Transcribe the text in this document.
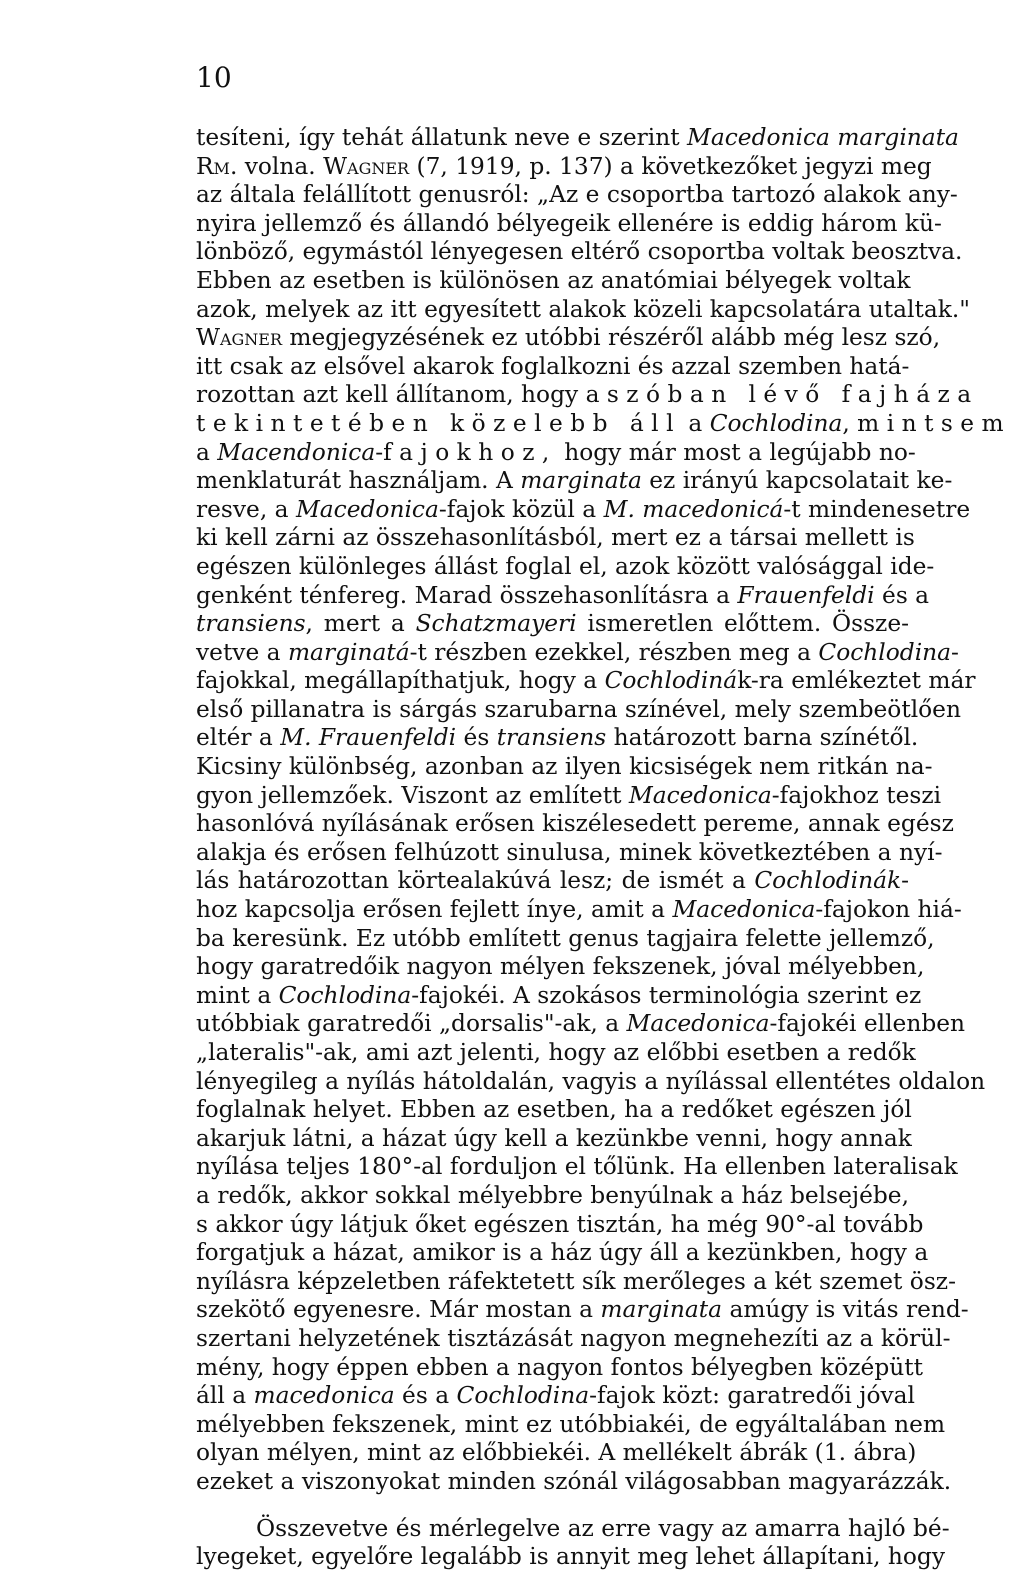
10
tesíteni, így tehát állatunk neve e szerint Macedonica marginata
Rm. volna. Wagner (7, 1919, p. 137) a következőket jegyzi meg
az általa felállított genusról: „Az e csoportba tartozó alakok any-
nyira jellemző és állandó bélyegeik ellenére is eddig három kü-
lönböző, egymástól lényegesen eltérő csoportba voltak beosztva.
Ebben az esetben is különösen az anatómiai bélyegek voltak
azok, melyek az itt egyesített alakok közeli kapcsolatára utaltak."
Wagner megjegyzésének ez utóbbi részéről alább még lesz szó,
itt csak az elsővel akarok foglalkozni és azzal szemben hatá-
rozottan azt kell állítanom, hogy a szóban lévő fajháza
tekintetében közelebb áll a Cochlodina, mintsem
a Macendonica-fajokhoz, hogy már most a legújabb no-
menklaturát használjam. A marginata ez irányú kapcsolatait ke-
resve, a Macedonica-fajok közül a M. macedonicá-t mindenesetre
ki kell zárni az összehasonlításból, mert ez a társai mellett is
egészen különleges állást foglal el, azok között valósággal ide-
genként ténfereg. Marad összehasonlításra a Frauenfeldi és a
transiens, mert a Schatzmayeri ismeretlen előttem. Össze-
vetve a marginatá-t részben ezekkel, részben meg a Cochlodina-
fajokkal, megállapíthatjuk, hogy a Cochlodinák-ra emlékeztet már
első pillanatra is sárgás szarubarna színével, mely szembeötlően
eltér a M. Frauenfeldi és transiens határozott barna színétől.
Kicsiny különbség, azonban az ilyen kicsiségek nem ritkán na-
gyon jellemzőek. Viszont az említett Macedonica-fajokhoz teszi
hasonlóvá nyílásának erősen kiszélesedett pereme, annak egész
alakja és erősen felhúzott sinulusa, minek következtében a nyí-
lás határozottan körtealakúvá lesz; de ismét a Cochlodinák-
hoz kapcsolja erősen fejlett ínye, amit a Macedonica-fajokon hiá-
ba keresünk. Ez utóbb említett genus tagjaira felette jellemző,
hogy garatredőik nagyon mélyen fekszenek, jóval mélyebben,
mint a Cochlodina-fajokéi. A szokásos terminológia szerint ez
utóbbiak garatredői „dorsalis"-ak, a Macedonica-fajokéi ellenben
„lateralis"-ak, ami azt jelenti, hogy az előbbi esetben a redők
lényegileg a nyílás hátoldalán, vagyis a nyílással ellentétes oldalon
foglalnak helyet. Ebben az esetben, ha a redőket egészen jól
akarjuk látni, a házat úgy kell a kezünkbe venni, hogy annak
nyílása teljes 180°-al forduljon el tőlünk. Ha ellenben lateralisak
a redők, akkor sokkal mélyebbre benyúlnak a ház belsejébe,
s akkor úgy látjuk őket egészen tisztán, ha még 90°-al tovább
forgatjuk a házat, amikor is a ház úgy áll a kezünkben, hogy a
nyílásra képzeletben ráfektetett sík merőleges a két szemet ösz-
szekötő egyenesre. Már mostan a marginata amúgy is vitás rend-
szertani helyzetének tisztázását nagyon megnehezíti az a körül-
mény, hogy éppen ebben a nagyon fontos bélyegben középütt
áll a macedonica és a Cochlodina-fajok közt: garatredői jóval
mélyebben fekszenek, mint ez utóbbiakéi, de egyáltalában nem
olyan mélyen, mint az előbbiekéi. A mellékelt ábrák (1. ábra)
ezeket a viszonyokat minden szónál világosabban magyarázzák.
Összevetve és mérlegelve az erre vagy az amarra hajló bé-
lyegeket, egyelőre legalább is annyit meg lehet állapítani, hogy
